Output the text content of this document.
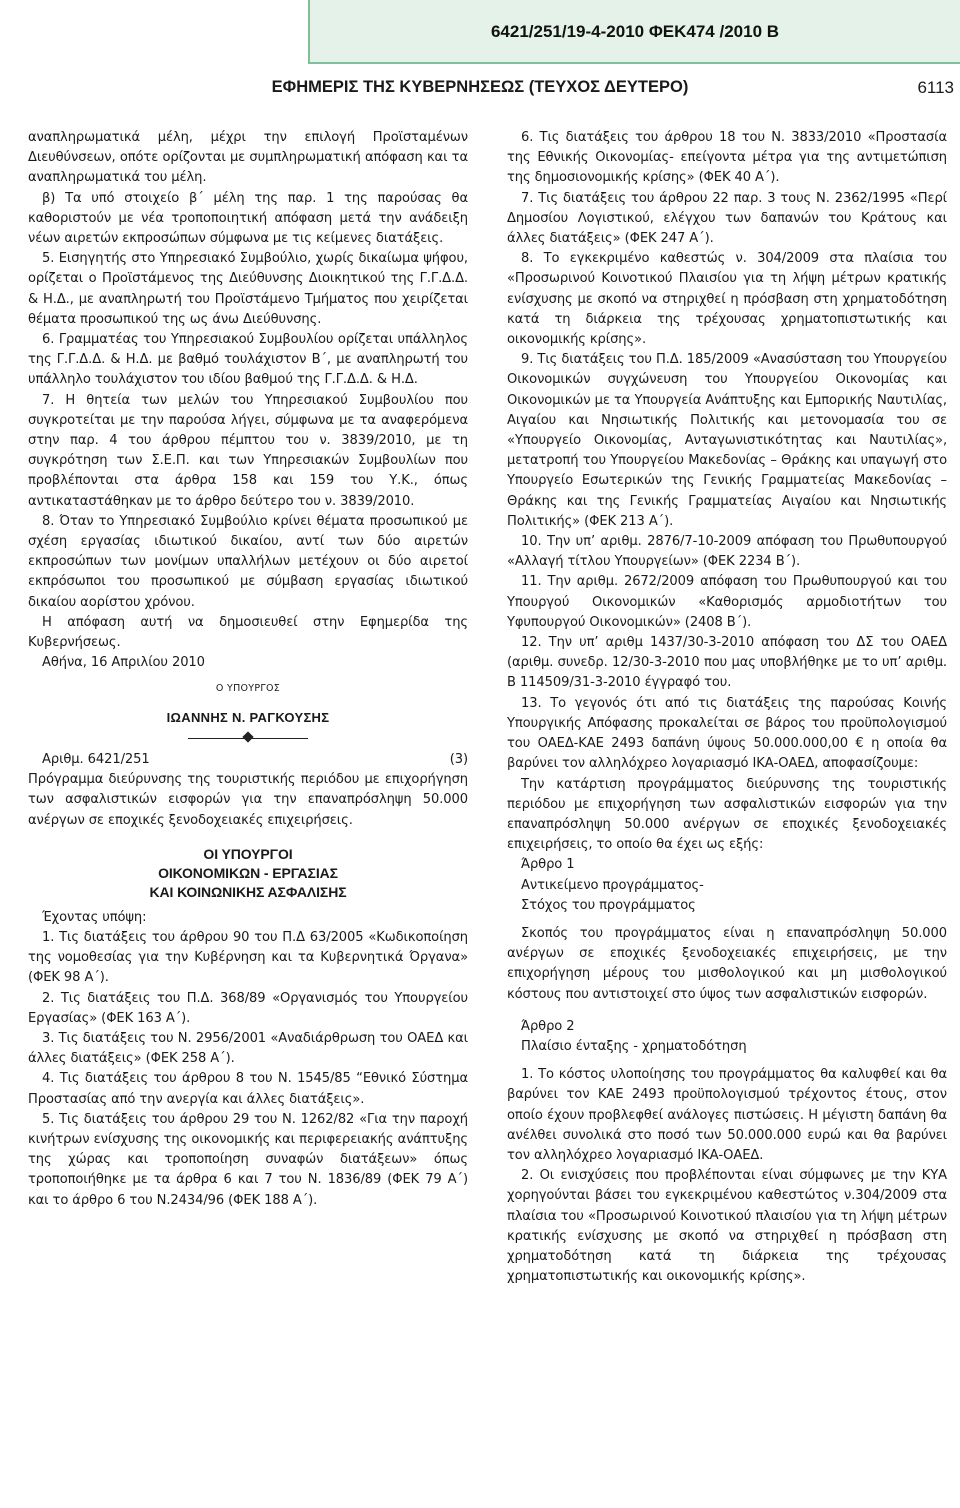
6421/251/19-4-2010 ΦΕΚ474 /2010 B
ΕΦΗΜΕΡΙΣ ΤΗΣ ΚΥΒΕΡΝΗΣΕΩΣ (ΤΕΥΧΟΣ ΔΕΥΤΕΡΟ)	6113

αναπληρωματικά μέλη, μέχρι την επιλογή Προϊσταμένων Διευθύνσεων, οπότε ορίζονται με συμπληρωματική απόφαση και τα αναπληρωματικά του μέλη.

β) Τα υπό στοιχείο β΄ μέλη της παρ. 1 της παρούσας θα καθοριστούν με νέα τροποποιητική απόφαση μετά την ανάδειξη νέων αιρετών εκπροσώπων σύμφωνα με τις κείμενες διατάξεις.

5. Εισηγητής στο Υπηρεσιακό Συμβούλιο, χωρίς δικαίωμα ψήφου, ορίζεται ο Προϊστάμενος της Διεύθυνσης Διοικητικού της Γ.Γ.Δ.Δ. & Η.Δ., με αναπληρωτή του Προϊστάμενο Τμήματος που χειρίζεται θέματα προσωπικού της ως άνω Διεύθυνσης.

6. Γραμματέας του Υπηρεσιακού Συμβουλίου ορίζεται υπάλληλος της Γ.Γ.Δ.Δ. & Η.Δ. με βαθμό τουλάχιστον Β΄, με αναπληρωτή του υπάλληλο τουλάχιστον του ιδίου βαθμού της Γ.Γ.Δ.Δ. & Η.Δ.

7. Η θητεία των μελών του Υπηρεσιακού Συμβουλίου που συγκροτείται με την παρούσα λήγει, σύμφωνα με τα αναφερόμενα στην παρ. 4 του άρθρου πέμπτου του ν. 3839/2010, με τη συγκρότηση των Σ.Ε.Π. και των Υπηρεσιακών Συμβουλίων που προβλέπονται στα άρθρα 158 και 159 του Υ.Κ., όπως αντικαταστάθηκαν με το άρθρο δεύτερο του ν. 3839/2010.

8. Όταν το Υπηρεσιακό Συμβούλιο κρίνει θέματα προσωπικού με σχέση εργασίας ιδιωτικού δικαίου, αντί των δύο αιρετών εκπροσώπων των μονίμων υπαλλήλων μετέχουν οι δύο αιρετοί εκπρόσωποι του προσωπικού με σύμβαση εργασίας ιδιωτικού δικαίου αορίστου χρόνου.

Η απόφαση αυτή να δημοσιευθεί στην Εφημερίδα της Κυβερνήσεως.

Αθήνα, 16 Απριλίου 2010

Ο ΥΠΟΥΡΓΟΣ
ΙΩΑΝΝΗΣ Ν. ΡΑΓΚΟΥΣΗΣ

Αριθμ. 6421/251	(3)

Πρόγραμμα διεύρυνσης της τουριστικής περιόδου με επιχορήγηση των ασφαλιστικών εισφορών για την επαναπρόσληψη 50.000 ανέργων σε εποχικές ξενοδοχειακές επιχειρήσεις.

ΟΙ ΥΠΟΥΡΓΟΙ
ΟΙΚΟΝΟΜΙΚΩΝ - ΕΡΓΑΣΙΑΣ
ΚΑΙ ΚΟΙΝΩΝΙΚΗΣ ΑΣΦΑΛΙΣΗΣ

Έχοντας υπόψη:

1. Τις διατάξεις του άρθρου 90 του Π.Δ 63/2005 «Κωδικοποίηση της νομοθεσίας για την Κυβέρνηση και τα Κυβερνητικά Όργανα» (ΦΕΚ 98 Α΄).

2. Τις διατάξεις του Π.Δ. 368/89 «Οργανισμός του Υπουργείου Εργασίας» (ΦΕΚ 163 Α΄).

3. Τις διατάξεις του Ν. 2956/2001 «Αναδιάρθρωση του ΟΑΕΔ και άλλες διατάξεις» (ΦΕΚ 258 Α΄).

4. Τις διατάξεις του άρθρου 8 του Ν. 1545/85 “Εθνικό Σύστημα Προστασίας από την ανεργία και άλλες διατάξεις».

5. Τις διατάξεις του άρθρου 29 του Ν. 1262/82 «Για την παροχή κινήτρων ενίσχυσης της οικονομικής και περιφερειακής ανάπτυξης της χώρας και τροποποίηση συναφών διατάξεων» όπως τροποποιήθηκε με τα άρθρα 6 και 7 του Ν. 1836/89 (ΦΕΚ 79 Α΄) και το άρθρο 6 του Ν.2434/96 (ΦΕΚ 188 Α΄).

6. Τις διατάξεις του άρθρου 18 του Ν. 3833/2010 «Προστασία της Εθνικής Οικονομίας- επείγοντα μέτρα για της αντιμετώπιση της δημοσιονομικής κρίσης» (ΦΕΚ 40 Α΄).

7. Τις διατάξεις του άρθρου 22 παρ. 3 τους Ν. 2362/1995 «Περί Δημοσίου Λογιστικού, ελέγχου των δαπανών του Κράτους και άλλες διατάξεις» (ΦΕΚ 247 Α΄).

8. Το εγκεκριμένο καθεστώς ν. 304/2009 στα πλαίσια του «Προσωρινού Κοινοτικού Πλαισίου για τη λήψη μέτρων κρατικής ενίσχυσης με σκοπό να στηριχθεί η πρόσβαση στη χρηματοδότηση κατά τη διάρκεια της τρέχουσας χρηματοπιστωτικής και οικονομικής κρίσης».

9. Τις διατάξεις του Π.Δ. 185/2009 «Ανασύσταση του Υπουργείου Οικονομικών συγχώνευση του Υπουργείου Οικονομίας και Οικονομικών με τα Υπουργεία Ανάπτυξης και Εμπορικής Ναυτιλίας, Αιγαίου και Νησιωτικής Πολιτικής και μετονομασία του σε «Υπουργείο Οικονομίας, Ανταγωνιστικότητας και Ναυτιλίας», μετατροπή του Υπουργείου Μακεδονίας – Θράκης και υπαγωγή στο Υπουργείο Εσωτερικών της Γενικής Γραμματείας Μακεδονίας – Θράκης και της Γενικής Γραμματείας Αιγαίου και Νησιωτικής Πολιτικής» (ΦΕΚ 213 Α΄).

10. Την υπ’ αριθμ. 2876/7-10-2009 απόφαση του Πρωθυπουργού «Αλλαγή τίτλου Υπουργείων» (ΦΕΚ 2234 Β΄).

11. Την αριθμ. 2672/2009 απόφαση του Πρωθυπουργού και του Υπουργού Οικονομικών «Καθορισμός αρμοδιοτήτων του Υφυπουργού Οικονομικών» (2408 Β΄).

12. Την υπ’ αριθμ 1437/30-3-2010 απόφαση του ΔΣ του ΟΑΕΔ (αριθμ. συνεδρ. 12/30-3-2010 που μας υποβλήθηκε με το υπ’ αριθμ. Β 114509/31-3-2010 έγγραφό του.

13. Το γεγονός ότι από τις διατάξεις της παρούσας Κοινής Υπουργικής Απόφασης προκαλείται σε βάρος του προϋπολογισμού του ΟΑΕΔ-ΚΑΕ 2493 δαπάνη ύψους 50.000.000,00 € η οποία θα βαρύνει τον αλληλόχρεο λογαριασμό ΙΚΑ-ΟΑΕΔ, αποφασίζουμε:

Την κατάρτιση προγράμματος διεύρυνσης της τουριστικής περιόδου με επιχορήγηση των ασφαλιστικών εισφορών για την επαναπρόσληψη 50.000 ανέργων σε εποχικές ξενοδοχειακές επιχειρήσεις, το οποίο θα έχει ως εξής:

Άρθρο 1

Αντικείμενο προγράμματος-

Στόχος του προγράμματος

Σκοπός του προγράμματος είναι η επαναπρόσληψη 50.000 ανέργων σε εποχικές ξενοδοχειακές επιχειρήσεις, με την επιχορήγηση μέρους του μισθολογικού και μη μισθολογικού κόστους που αντιστοιχεί στο ύψος των ασφαλιστικών εισφορών.

Άρθρο 2

Πλαίσιο ένταξης - χρηματοδότηση

1. Το κόστος υλοποίησης του προγράμματος θα καλυφθεί και θα βαρύνει τον ΚΑΕ 2493 προϋπολογισμού τρέχοντος έτους, στον οποίο έχουν προβλεφθεί ανάλογες πιστώσεις. Η μέγιστη δαπάνη θα ανέλθει συνολικά στο ποσό των 50.000.000 ευρώ και θα βαρύνει τον αλληλόχρεο λογαριασμό ΙΚΑ-ΟΑΕΔ.

2. Οι ενισχύσεις που προβλέπονται είναι σύμφωνες με την ΚΥΑ χορηγούνται βάσει του εγκεκριμένου καθεστώτος ν.304/2009 στα πλαίσια του «Προσωρινού Κοινοτικού πλαισίου για τη λήψη μέτρων κρατικής ενίσχυσης με σκοπό να στηριχθεί η πρόσβαση στη χρηματοδότηση κατά τη διάρκεια της τρέχουσας χρηματοπιστωτικής και οικονομικής κρίσης».
